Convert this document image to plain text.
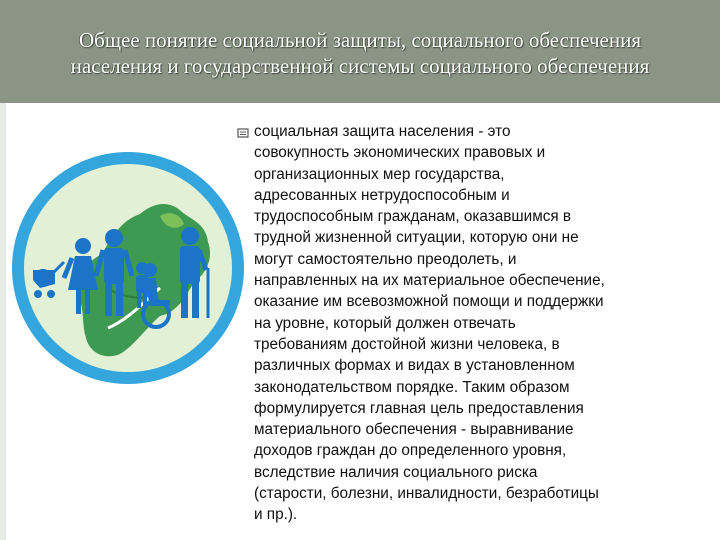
Общее понятие социальной защиты, социального обеспечения
населения и государственной системы социального обеспечения
социальная защита населения - это
совокупность экономических правовых и
организационных мер государства,
адресованных нетрудоспособным и
трудоспособным гражданам, оказавшимся в
трудной жизненной ситуации, которую они не
могут самостоятельно преодолеть, и
направленных на их материальное обеспечение,
оказание им всевозможной помощи и поддержки
на уровне, который должен отвечать
требованиям достойной жизни человека, в
различных формах и видах в установленном
законодательством порядке. Таким образом
формулируется главная цель предоставления
материального обеспечения - выравнивание
доходов граждан до определенного уровня,
вследствие наличия социального риска
(старости, болезни, инвалидности, безработицы
и пр.).
